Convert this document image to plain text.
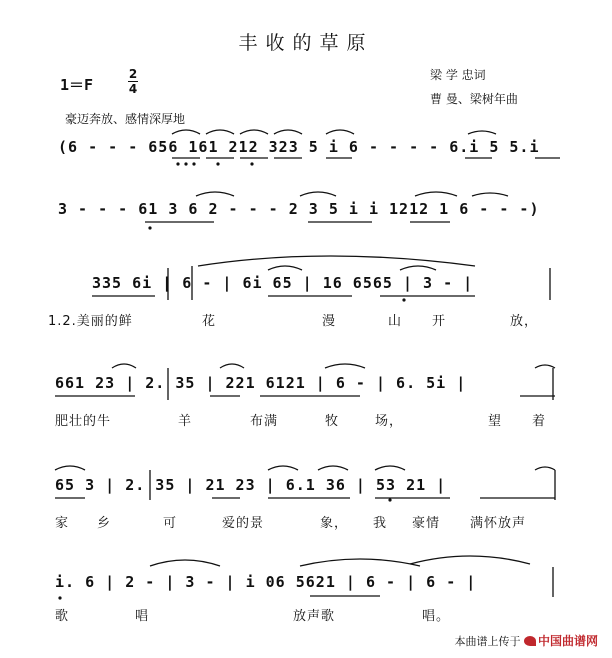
丰收的草原
梁 学 忠词
曹 曼、梁树年曲
1＝F
2
4
豪迈奔放、感情深厚地
(6 - - - 656 161 212 323 5 i 6 - - - - 6.i 5 5.i
3 - - - 61 3 6 2 - - - 2 3 5 i i 1212 1 6 - - -)
335 6i | 6 - | 6i 65 | 16 6565 | 3 - |
661 23 | 2. 35 | 221 6121 | 6 - | 6. 5i |
65 3 | 2. 35 | 21 23 | 6.1 36 | 53 21 |
i. 6 | 2 - | 3 - | i 06 5621 | 6 - | 6 - |
1.2.美丽的鲜	花	漫	山 开	放，
肥壮的牛	羊	布满	牧	场，	望 着
家 乡	可	爱的景	象， 我 豪情 满怀放声
歌	唱	放声歌	唱。
本曲谱上传于 中国曲谱网
